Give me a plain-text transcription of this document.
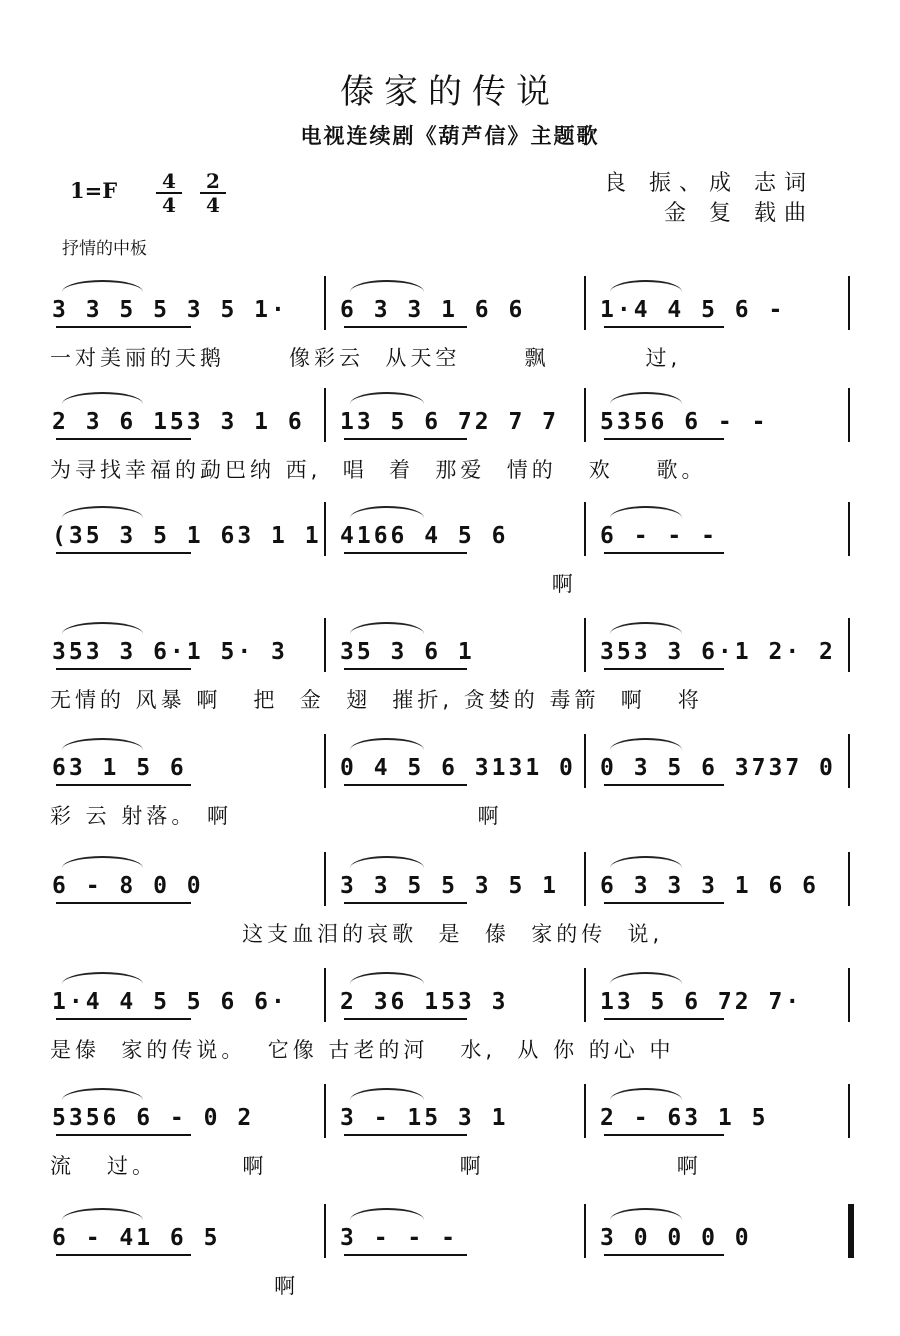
傣家的传说
电视连续剧《葫芦信》主题歌
$1=F \frac{4}{4} \frac{2}{4}$	良 振、成 志词
金 复 载曲
抒情的中板
3 3 5 5 3 5 1·	6 3 3 1 6 6	1·4 4 5 6 -
一对美丽的天鹅      像彩云  从天空      飘         过,
2 3 6 153 3 1 6	13 5 6 72 7 7	5356 6 - -
为寻找幸福的勐巴纳 西,  唱  着  那爱  情的   欢    歌。
(35 3 5 1 63 1 1 4166 4 5 6	6 - - -
啊
353 3 6·1 5· 3	35 3 6 1	353 3 6·1 2· 2
无情的 风暴 啊   把  金  翅  摧折, 贪婪的 毒箭  啊   将
63 1 5 6	0 4 5 6 3131 0	0 3 5 6 3737 0
彩 云 射落。 啊                       啊
6 - 8 0 0	3 3 5 5 3 5 1	6 3 3 3 1 6 6
这支血泪的哀歌  是  傣  家的传  说,
1·4 4 5 5 6 6·	2 36 153 3	13 5 6 72 7·
是傣  家的传说。  它像 古老的河   水,  从 你 的心 中
5356 6 - 0 2	3 - 15 3 1	2 - 63 1 5
流   过。        啊                  啊                  啊
6 - 41 6 5	3 - - -	3 0 0 0 0
啊
